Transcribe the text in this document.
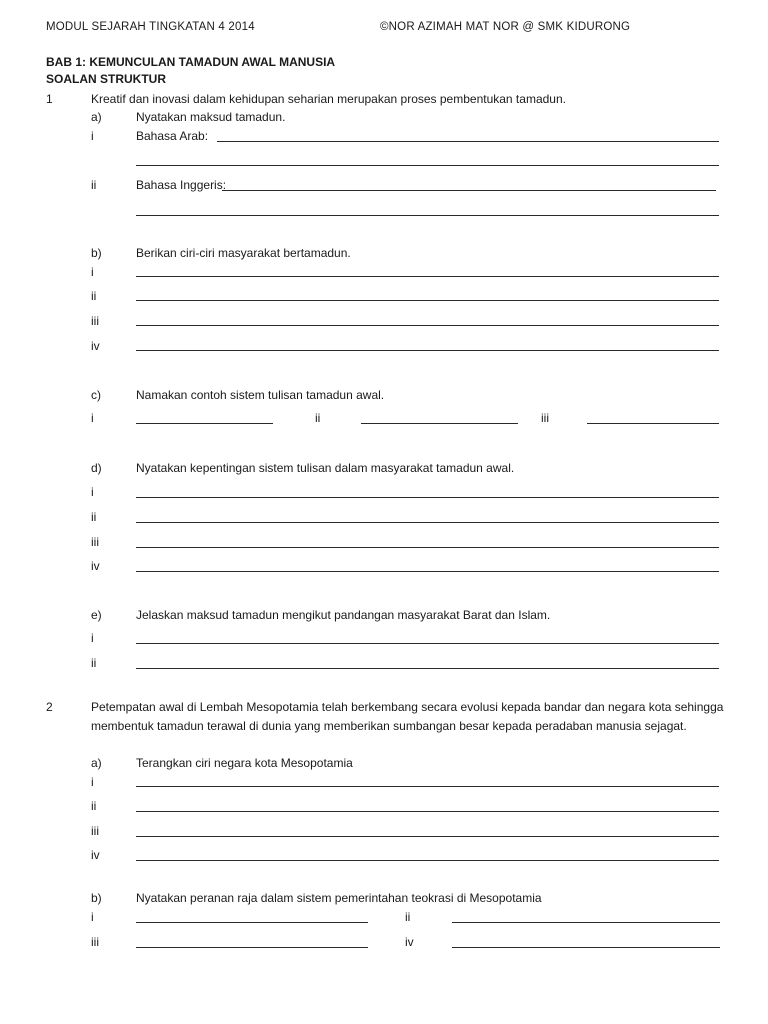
MODUL SEJARAH TINGKATAN 4 2014	©NOR AZIMAH MAT NOR @ SMK KIDURONG
BAB 1: KEMUNCULAN TAMADUN AWAL MANUSIA
SOALAN STRUKTUR
1	Kreatif dan inovasi dalam kehidupan seharian merupakan proses pembentukan tamadun.
a)	Nyatakan maksud tamadun.
i	Bahasa Arab:
ii	Bahasa Inggeris:
b)	Berikan ciri-ciri masyarakat bertamadun.
i
ii
iii
iv
c)	Namakan contoh sistem tulisan tamadun awal.
i	ii	iii
d)	Nyatakan kepentingan sistem tulisan dalam masyarakat tamadun awal.
i
ii
iii
iv
e)	Jelaskan maksud tamadun mengikut pandangan masyarakat Barat dan Islam.
i
ii
2	Petempatan awal di Lembah Mesopotamia telah berkembang secara evolusi kepada bandar dan negara kota sehingga
membentuk tamadun terawal di dunia yang memberikan sumbangan besar kepada peradaban manusia sejagat.
a)	Terangkan ciri negara kota Mesopotamia
i
ii
iii
iv
b)	Nyatakan peranan raja dalam sistem pemerintahan teokrasi di Mesopotamia
i	ii
iii	iv
